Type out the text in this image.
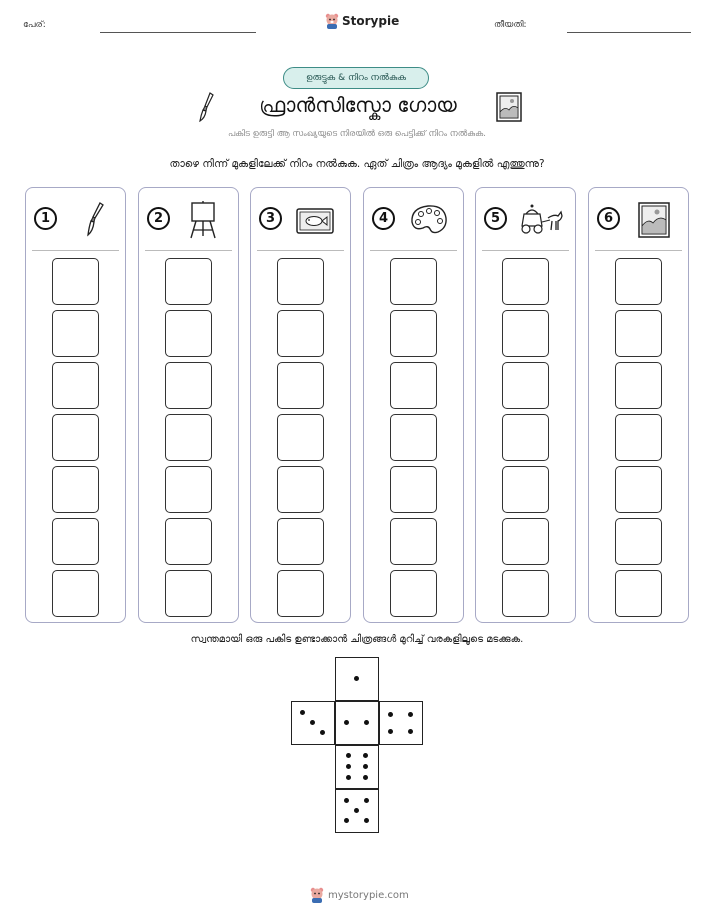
പേര്:	Storypie	തീയതി:
ഉരുട്ടുക & നിറം നൽകുക
ഫ്രാൻസിസ്കോ ഗോയ
പകിട ഉരുട്ടി ആ സംഖ്യയുടെ നിരയിൽ ഒരു പെട്ടിക്ക് നിറം നൽകുക.
താഴെ നിന്ന് മുകളിലേക്ക് നിറം നൽകുക. ഏത് ചിത്രം ആദ്യം മുകളിൽ എത്തുന്നു?
1	2	3	4	5	6
സ്വന്തമായി ഒരു പകിട ഉണ്ടാക്കാൻ ചിത്രങ്ങൾ മുറിച്ച് വരകളിലൂടെ മടക്കുക.
mystorypie.com
